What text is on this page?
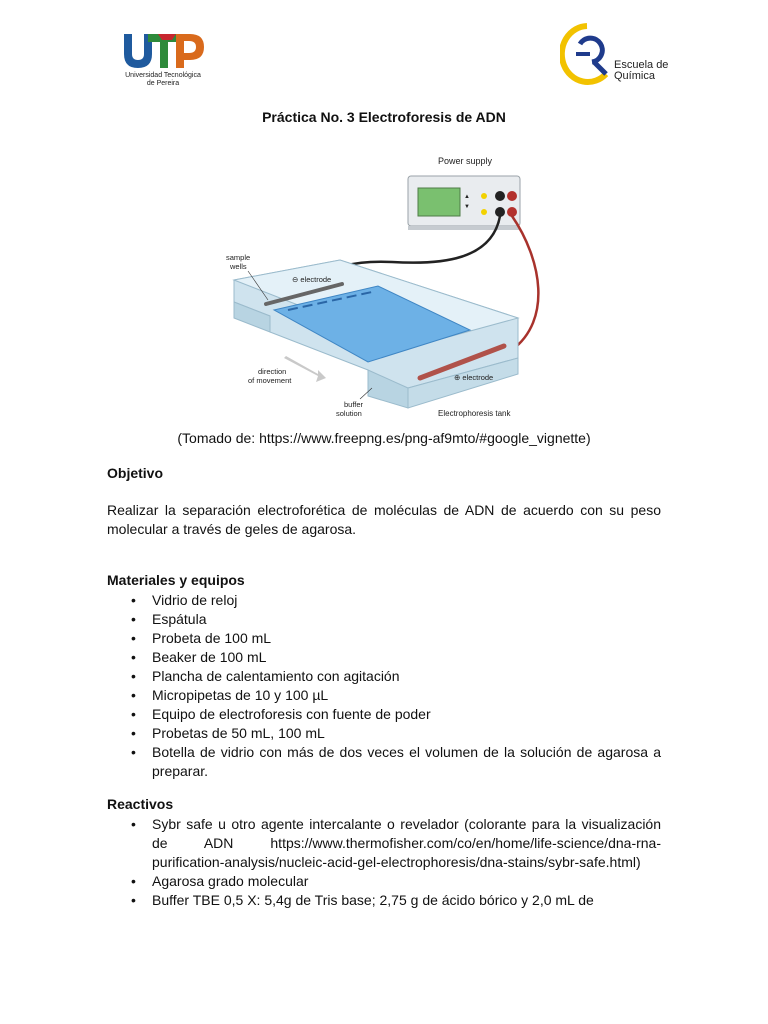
Universidad Tecnológica
de Pereira
Escuela de
Química
Práctica No. 3 Electroforesis de ADN
▲
▼
Power supply
sample
wells
⊖ electrode
⊕ electrode
direction
of movement
buffer
solution	Electrophoresis tank
(Tomado de: https://www.freepng.es/png-af9mto/#google_vignette)
Objetivo
Realizar la separación electroforética de moléculas de ADN de acuerdo con su peso molecular a través de geles de agarosa.
Materiales y equipos
• Vidrio de reloj
• Espátula
• Probeta de 100 mL
• Beaker de 100 mL
• Plancha de calentamiento con agitación
• Micropipetas de 10 y 100 µL
• Equipo de electroforesis con fuente de poder
• Probetas de 50 mL, 100 mL
• Botella de vidrio con más de dos veces el volumen de la solución de agarosa a preparar.
Reactivos
• Sybr safe u otro agente intercalante o revelador (colorante para la visualización de ADN https://www.thermofisher.com/co/en/home/life-science/dna-rna-purification-analysis/nucleic-acid-gel-electrophoresis/dna-stains/sybr-safe.html)
• Agarosa grado molecular
• Buffer TBE 0,5 X: 5,4g de Tris base; 2,75 g de ácido bórico y 2,0 mL de
